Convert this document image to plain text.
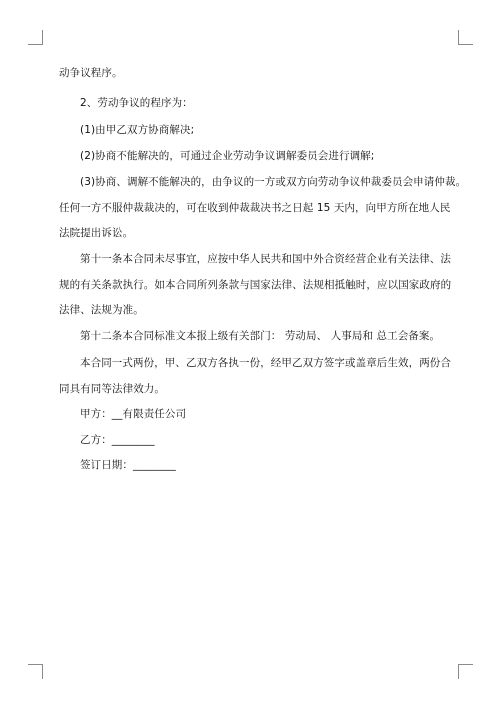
动争议程序。
2、劳动争议的程序为：
(1)由甲乙双方协商解决;
(2)协商不能解决的，可通过企业劳动争议调解委员会进行调解;
(3)协商、调解不能解决的，由争议的一方或双方向劳动争议仲裁委员会申请仲裁。
任何一方不服仲裁裁决的，可在收到仲裁裁决书之日起 15 天内，向甲方所在地人民
法院提出诉讼。
第十一条本合同未尽事宜，应按中华人民共和国中外合资经营企业有关法律、法
规的有关条款执行。如本合同所列条款与国家法律、法规相抵触时，应以国家政府的
法律、法规为准。
第十二条本合同标准文本报上级有关部门： 劳动局、 人事局和 总工会备案。
本合同一式两份，甲、乙双方各执一份，经甲乙双方签字或盖章后生效，两份合
同具有同等法律效力。
甲方：__有限责任公司
乙方：________
签订日期：________
